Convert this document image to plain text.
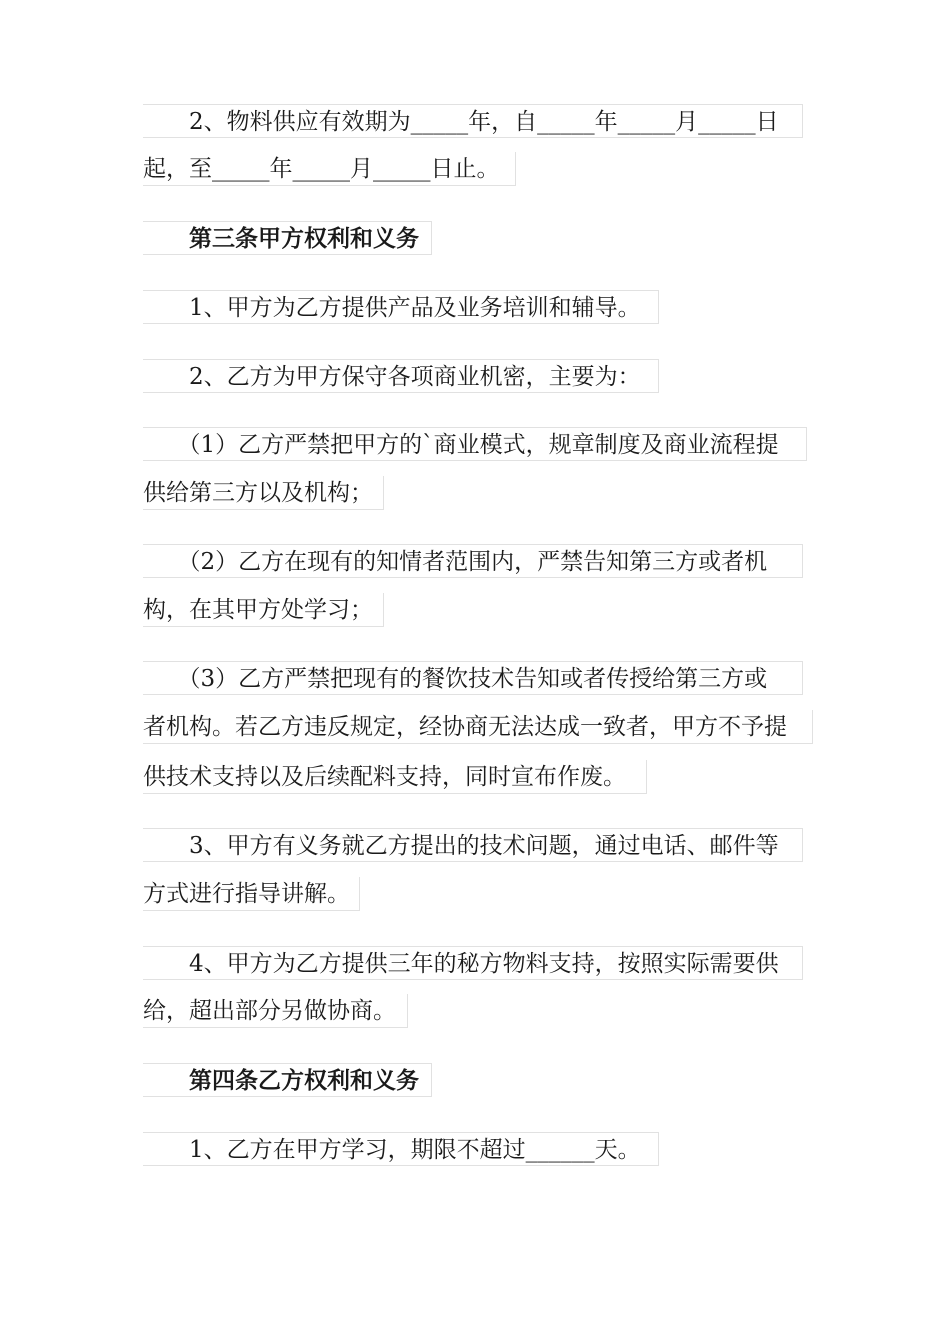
　　2、物料供应有效期为_____年，自_____年_____月_____日
起，至_____年_____月_____日止。
　　第三条甲方权利和义务
　　1、甲方为乙方提供产品及业务培训和辅导。
　　2、乙方为甲方保守各项商业机密，主要为：
　　（1）乙方严禁把甲方的`商业模式，规章制度及商业流程提
供给第三方以及机构；
　　（2）乙方在现有的知情者范围内，严禁告知第三方或者机
构，在其甲方处学习；
　　（3）乙方严禁把现有的餐饮技术告知或者传授给第三方或
者机构。若乙方违反规定，经协商无法达成一致者，甲方不予提
供技术支持以及后续配料支持，同时宣布作废。
　　3、甲方有义务就乙方提出的技术问题，通过电话、邮件等
方式进行指导讲解。
　　4、甲方为乙方提供三年的秘方物料支持，按照实际需要供
给，超出部分另做协商。
　　第四条乙方权利和义务
　　1、乙方在甲方学习，期限不超过______天。
